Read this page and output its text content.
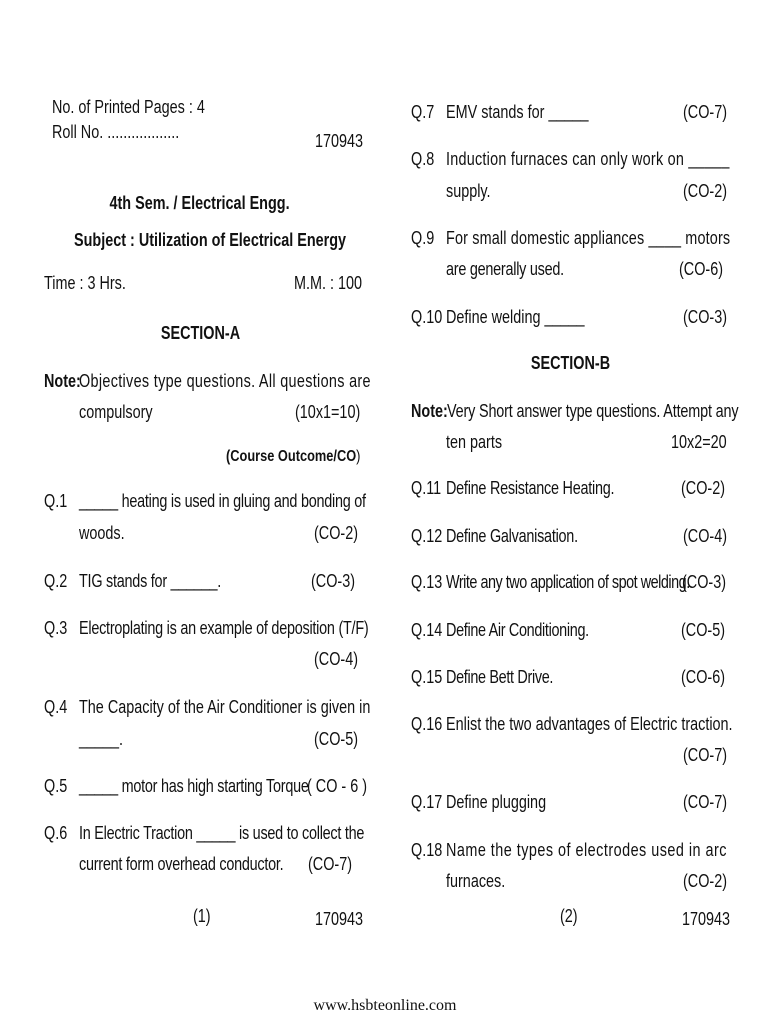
No. of Printed Pages : 4
Roll No. ..................	170943
4th Sem. / Electrical Engg.
Subject : Utilization of Electrical Energy
Time : 3 Hrs.	M.M. : 100
SECTION-A
Note:
Objectives type questions. All questions are
compulsory	(10x1=10)
(Course Outcome/CO)
Q.1 _____ heating is used in gluing and bonding of
woods.	(CO-2)
Q.2 TIG stands for ______.	(CO-3)
Q.3 Electroplating is an example of deposition (T/F)
(CO-4)
Q.4 The Capacity of the Air Conditioner is given in
_____.	(CO-5)
Q.5 _____ motor has high starting Torque
( CO - 6 )
Q.6 In Electric Traction _____ is used to collect the
current form overhead conductor. (CO-7)
(1)	170943
Q.7 EMV stands for _____	(CO-7)
Q.8 Induction furnaces can only work on _____
supply.	(CO-2)
Q.9 For small domestic appliances ____ motors
are generally used.	(CO-6)
Q.10 Define welding _____	(CO-3)
SECTION-B
Note: Very Short answer type questions. Attempt any
ten parts	10x2=20
Q.11 Define Resistance Heating.	(CO-2)
Q.12 Define Galvanisation.	(CO-4)
Q.13 Write any two application of spot welding.
(CO-3)
Q.14 Define Air Conditioning.	(CO-5)
Q.15 Define Bett Drive.	(CO-6)
Q.16 Enlist the two advantages of Electric traction.
(CO-7)
Q.17 Define plugging	(CO-7)
Q.18 Name the types of electrodes used in arc
furnaces.	(CO-2)
(2)	170943
www.hsbteonline.com
